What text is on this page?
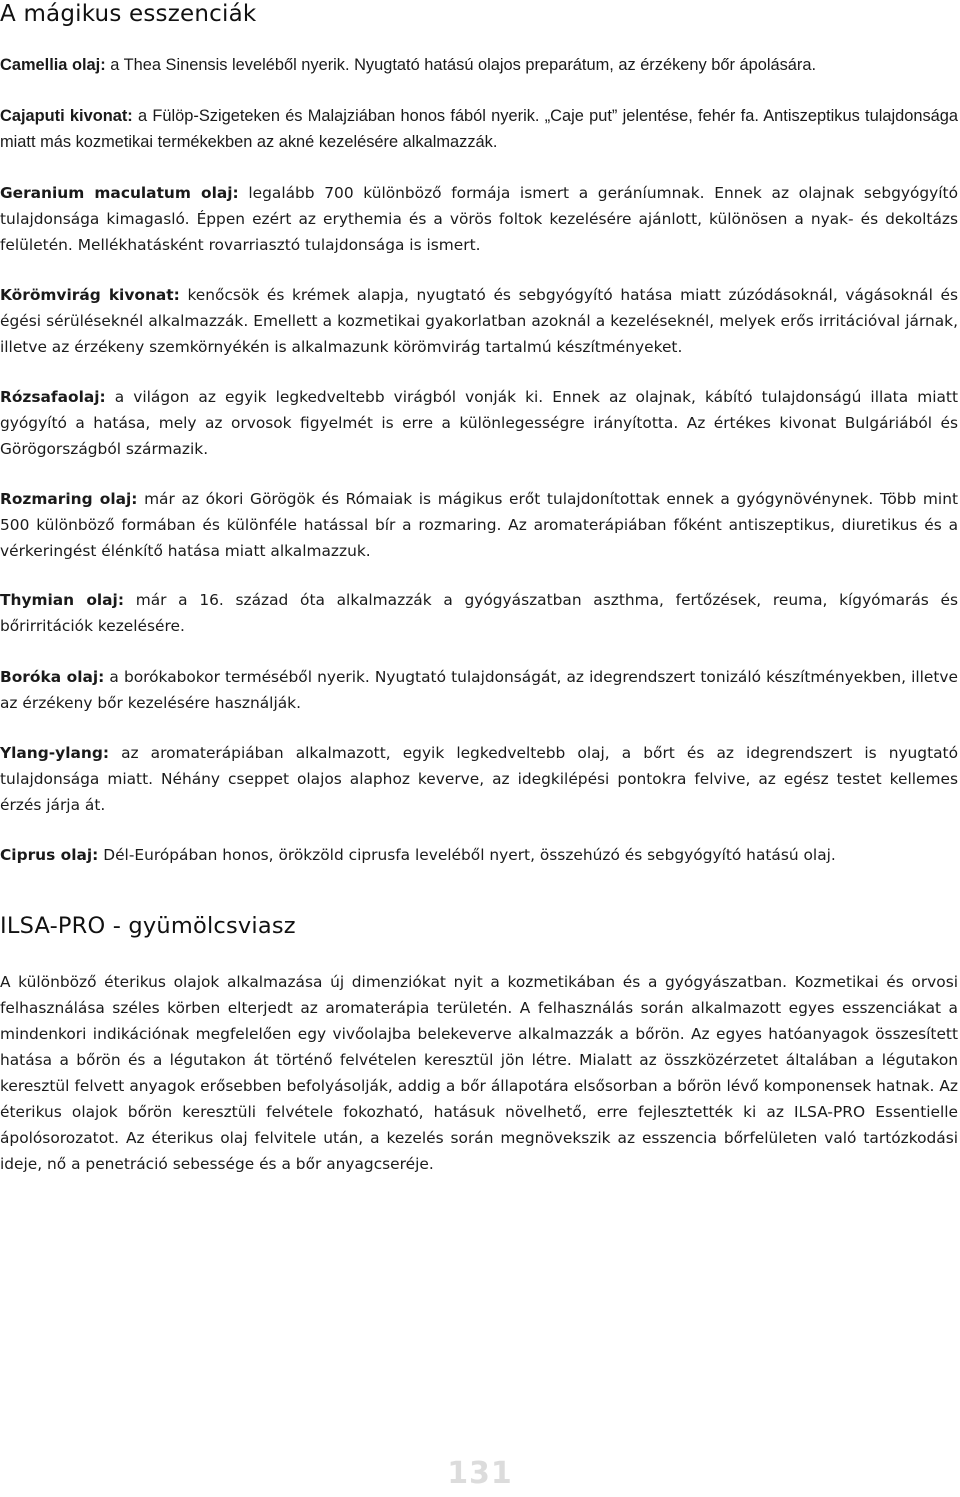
A mágikus esszenciák

Camellia olaj: a Thea Sinensis leveléből nyerik. Nyugtató hatású olajos preparátum, az érzékeny bőr ápolására.

Cajaputi kivonat: a Fülöp-Szigeteken és Malajziában honos fából nyerik. „Caje put” jelentése, fehér fa. Antiszeptikus tulajdonsága miatt más kozmetikai termékekben az akné kezelésére alkalmazzák.

Geranium maculatum olaj: legalább 700 különböző formája ismert a geráníumnak. Ennek az olajnak sebgyógyító tulajdonsága kimagasló. Éppen ezért az erythemia és a vörös foltok kezelésére ajánlott, különösen a nyak- és dekoltázs felületén. Mellékhatásként rovarriasztó tulajdonsága is ismert.

Körömvirág kivonat: kenőcsök és krémek alapja, nyugtató és sebgyógyító hatása miatt zúzódásoknál, vágásoknál és égési sérüléseknél alkalmazzák. Emellett a kozmetikai gyakorlatban azoknál a kezeléseknél, melyek erős irritációval járnak, illetve az érzékeny szemkörnyékén is alkalmazunk körömvirág tartalmú készítményeket.

Rózsafaolaj: a világon az egyik legkedveltebb virágból vonják ki. Ennek az olajnak, kábító tulajdonságú illata miatt gyógyító a hatása, mely az orvosok figyelmét is erre a különlegességre irányította. Az értékes kivonat Bulgáriából és Görögországból származik.

Rozmaring olaj: már az ókori Görögök és Rómaiak is mágikus erőt tulajdonítottak ennek a gyógynövénynek. Több mint 500 különböző formában és különféle hatással bír a rozmaring. Az aromaterápiában főként antiszeptikus, diuretikus és a vérkeringést élénkítő hatása miatt alkalmazzuk.

Thymian olaj: már a 16. század óta alkalmazzák a gyógyászatban aszthma, fertőzések, reuma, kígyómarás és bőrirritációk kezelésére.

Boróka olaj: a borókabokor terméséből nyerik. Nyugtató tulajdonságát, az idegrendszert tonizáló készítményekben, illetve az érzékeny bőr kezelésére használják.

Ylang-ylang: az aromaterápiában alkalmazott, egyik legkedveltebb olaj, a bőrt és az idegrendszert is nyugtató tulajdonsága miatt. Néhány cseppet olajos alaphoz keverve, az idegkilépési pontokra felvive, az egész testet kellemes érzés járja át.

Ciprus olaj: Dél-Európában honos, örökzöld ciprusfa leveléből nyert, összehúzó és sebgyógyító hatású olaj.

ILSA-PRO - gyümölcsviasz

A különböző éterikus olajok alkalmazása új dimenziókat nyit a kozmetikában és a gyógyászatban. Kozmetikai és orvosi felhasználása széles körben elterjedt az aromaterápia területén. A felhasználás során alkalmazott egyes esszenciákat a mindenkori indikációnak megfelelően egy vivőolajba belekeverve alkalmazzák a bőrön. Az egyes hatóanyagok összesített hatása a bőrön és a légutakon át történő felvételen keresztül jön létre. Mialatt az összközérzetet általában a légutakon keresztül felvett anyagok erősebben befolyásolják, addig a bőr állapotára elsősorban a bőrön lévő komponensek hatnak. Az éterikus olajok bőrön keresztüli felvétele fokozható, hatásuk növelhető, erre fejlesztették ki az ILSA-PRO Essentielle ápolósorozatot. Az éterikus olaj felvitele után, a kezelés során megnövekszik az esszencia bőrfelületen való tartózkodási ideje, nő a penetráció sebessége és a bőr anyagcseréje.

131
